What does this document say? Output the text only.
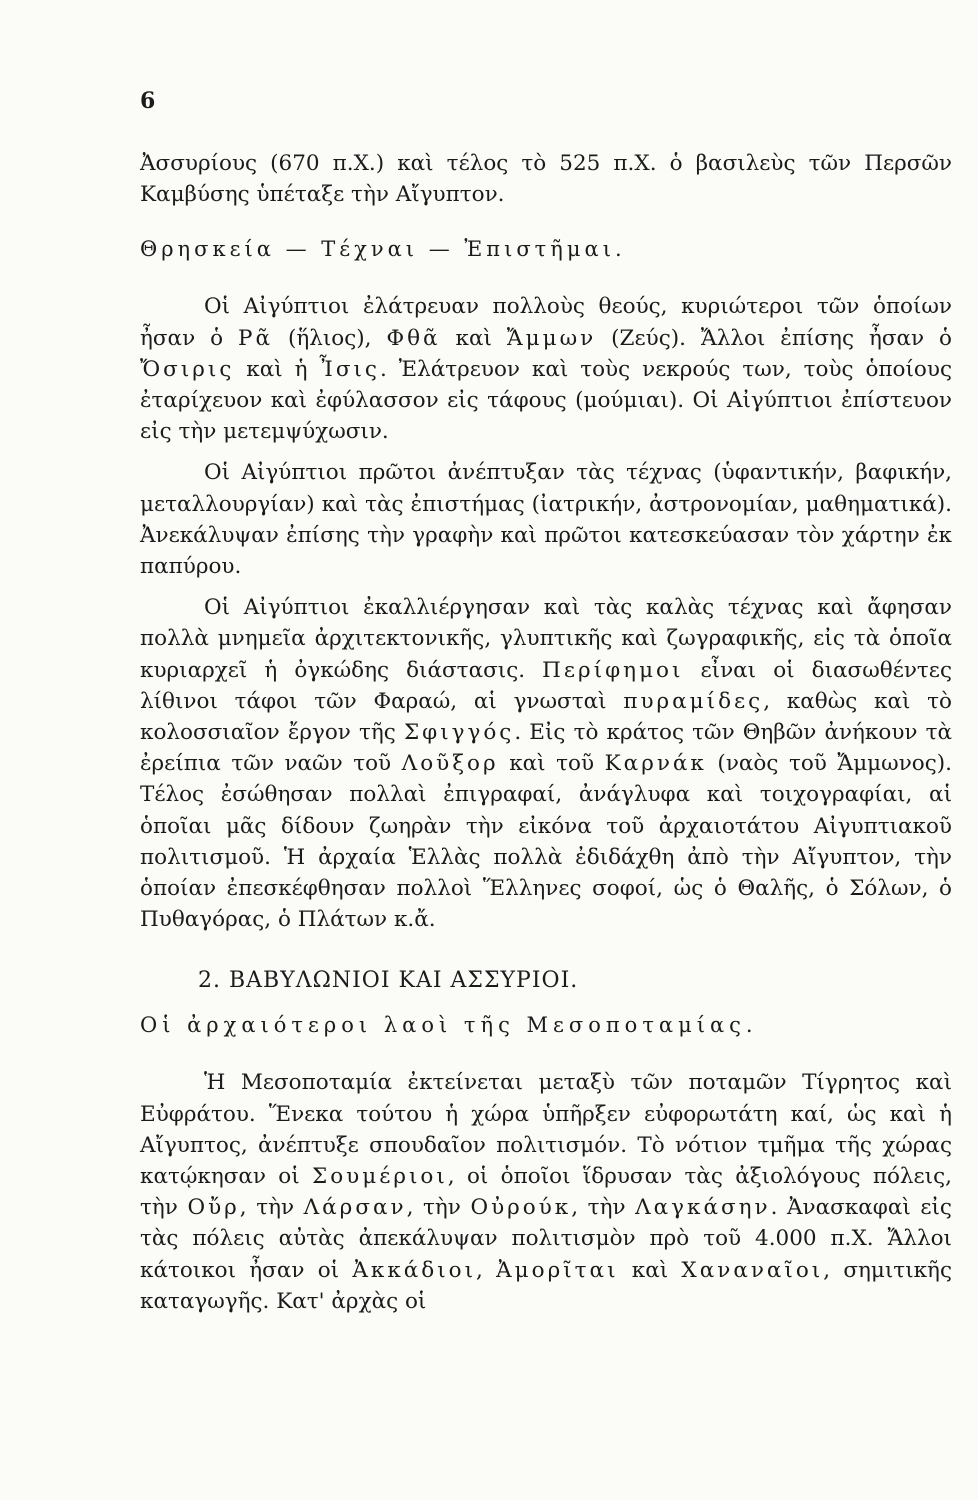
6

Ἀσσυρίους (670 π.Χ.) καὶ τέλος τὸ 525 π.Χ. ὁ βασιλεὺς τῶν Περσῶν Καμβύσης ὑπέταξε τὴν Αἴγυπτον.

Θρησκεία — Τέχναι — Ἐπιστῆμαι.

Οἱ Αἰγύπτιοι ἐλάτρευαν πολλοὺς θεούς, κυριώτεροι τῶν ὁποίων ἦσαν ὁ Ρᾶ (ἥλιος), Φθᾶ καὶ Ἄμμων (Ζεύς). Ἄλλοι ἐπίσης ἦσαν ὁ Ὄσιρις καὶ ἡ Ἶσις. Ἐλάτρευον καὶ τοὺς νεκρούς των, τοὺς ὁποίους ἐταρίχευον καὶ ἐφύλασσον εἰς τάφους (μούμιαι). Οἱ Αἰγύπτιοι ἐπίστευον εἰς τὴν μετεμψύχωσιν.

Οἱ Αἰγύπτιοι πρῶτοι ἀνέπτυξαν τὰς τέχνας (ὑφαντικήν, βαφικήν, μεταλλουργίαν) καὶ τὰς ἐπιστήμας (ἰατρικήν, ἀστρονομίαν, μαθηματικά). Ἀνεκάλυψαν ἐπίσης τὴν γραφὴν καὶ πρῶτοι κατεσκεύασαν τὸν χάρτην ἐκ παπύρου.

Οἱ Αἰγύπτιοι ἐκαλλιέργησαν καὶ τὰς καλὰς τέχνας καὶ ἄφησαν πολλὰ μνημεῖα ἀρχιτεκτονικῆς, γλυπτικῆς καὶ ζωγραφικῆς, εἰς τὰ ὁποῖα κυριαρχεῖ ἡ ὀγκώδης διάστασις. Περίφημοι εἶναι οἱ διασωθέντες λίθινοι τάφοι τῶν Φαραώ, αἱ γνωσταὶ πυραμίδες, καθὼς καὶ τὸ κολοσσιαῖον ἔργον τῆς Σφιγγός. Εἰς τὸ κράτος τῶν Θηβῶν ἀνήκουν τὰ ἐρείπια τῶν ναῶν τοῦ Λοῦξορ καὶ τοῦ Καρνάκ (ναὸς τοῦ Ἄμμωνος). Τέλος ἐσώθησαν πολλαὶ ἐπιγραφαί, ἀνάγλυφα καὶ τοιχογραφίαι, αἱ ὁποῖαι μᾶς δίδουν ζωηρὰν τὴν εἰκόνα τοῦ ἀρχαιοτάτου Αἰγυπτιακοῦ πολιτισμοῦ. Ἡ ἀρχαία Ἑλλὰς πολλὰ ἐδιδάχθη ἀπὸ τὴν Αἴγυπτον, τὴν ὁποίαν ἐπεσκέφθησαν πολλοὶ Ἕλληνες σοφοί, ὡς ὁ Θαλῆς, ὁ Σόλων, ὁ Πυθαγόρας, ὁ Πλάτων κ.ἄ.

2. ΒΑΒΥΛΩΝΙΟΙ ΚΑΙ ΑΣΣΥΡΙΟΙ.
Οἱ ἀρχαιότεροι λαοὶ τῆς Μεσοποταμίας.

Ἡ Μεσοποταμία ἐκτείνεται μεταξὺ τῶν ποταμῶν Τίγρητος καὶ Εὐφράτου. Ἕνεκα τούτου ἡ χώρα ὑπῆρξεν εὐφορωτάτη καί, ὡς καὶ ἡ Αἴγυπτος, ἀνέπτυξε σπουδαῖον πολιτισμόν. Τὸ νότιον τμῆμα τῆς χώρας κατῴκησαν οἱ Σουμέριοι, οἱ ὁποῖοι ἵδρυσαν τὰς ἀξιολόγους πόλεις, τὴν Οὔρ, τὴν Λάρσαν, τὴν Οὐρούκ, τὴν Λαγκάσην. Ἀνασκαφαὶ εἰς τὰς πόλεις αὐτὰς ἀπεκάλυψαν πολιτισμὸν πρὸ τοῦ 4.000 π.Χ. Ἄλλοι κάτοικοι ἦσαν οἱ Ἀκκάδιοι, Ἀμορῖται καὶ Χαναναῖοι, σημιτικῆς καταγωγῆς. Κατ' ἀρχὰς οἱ
